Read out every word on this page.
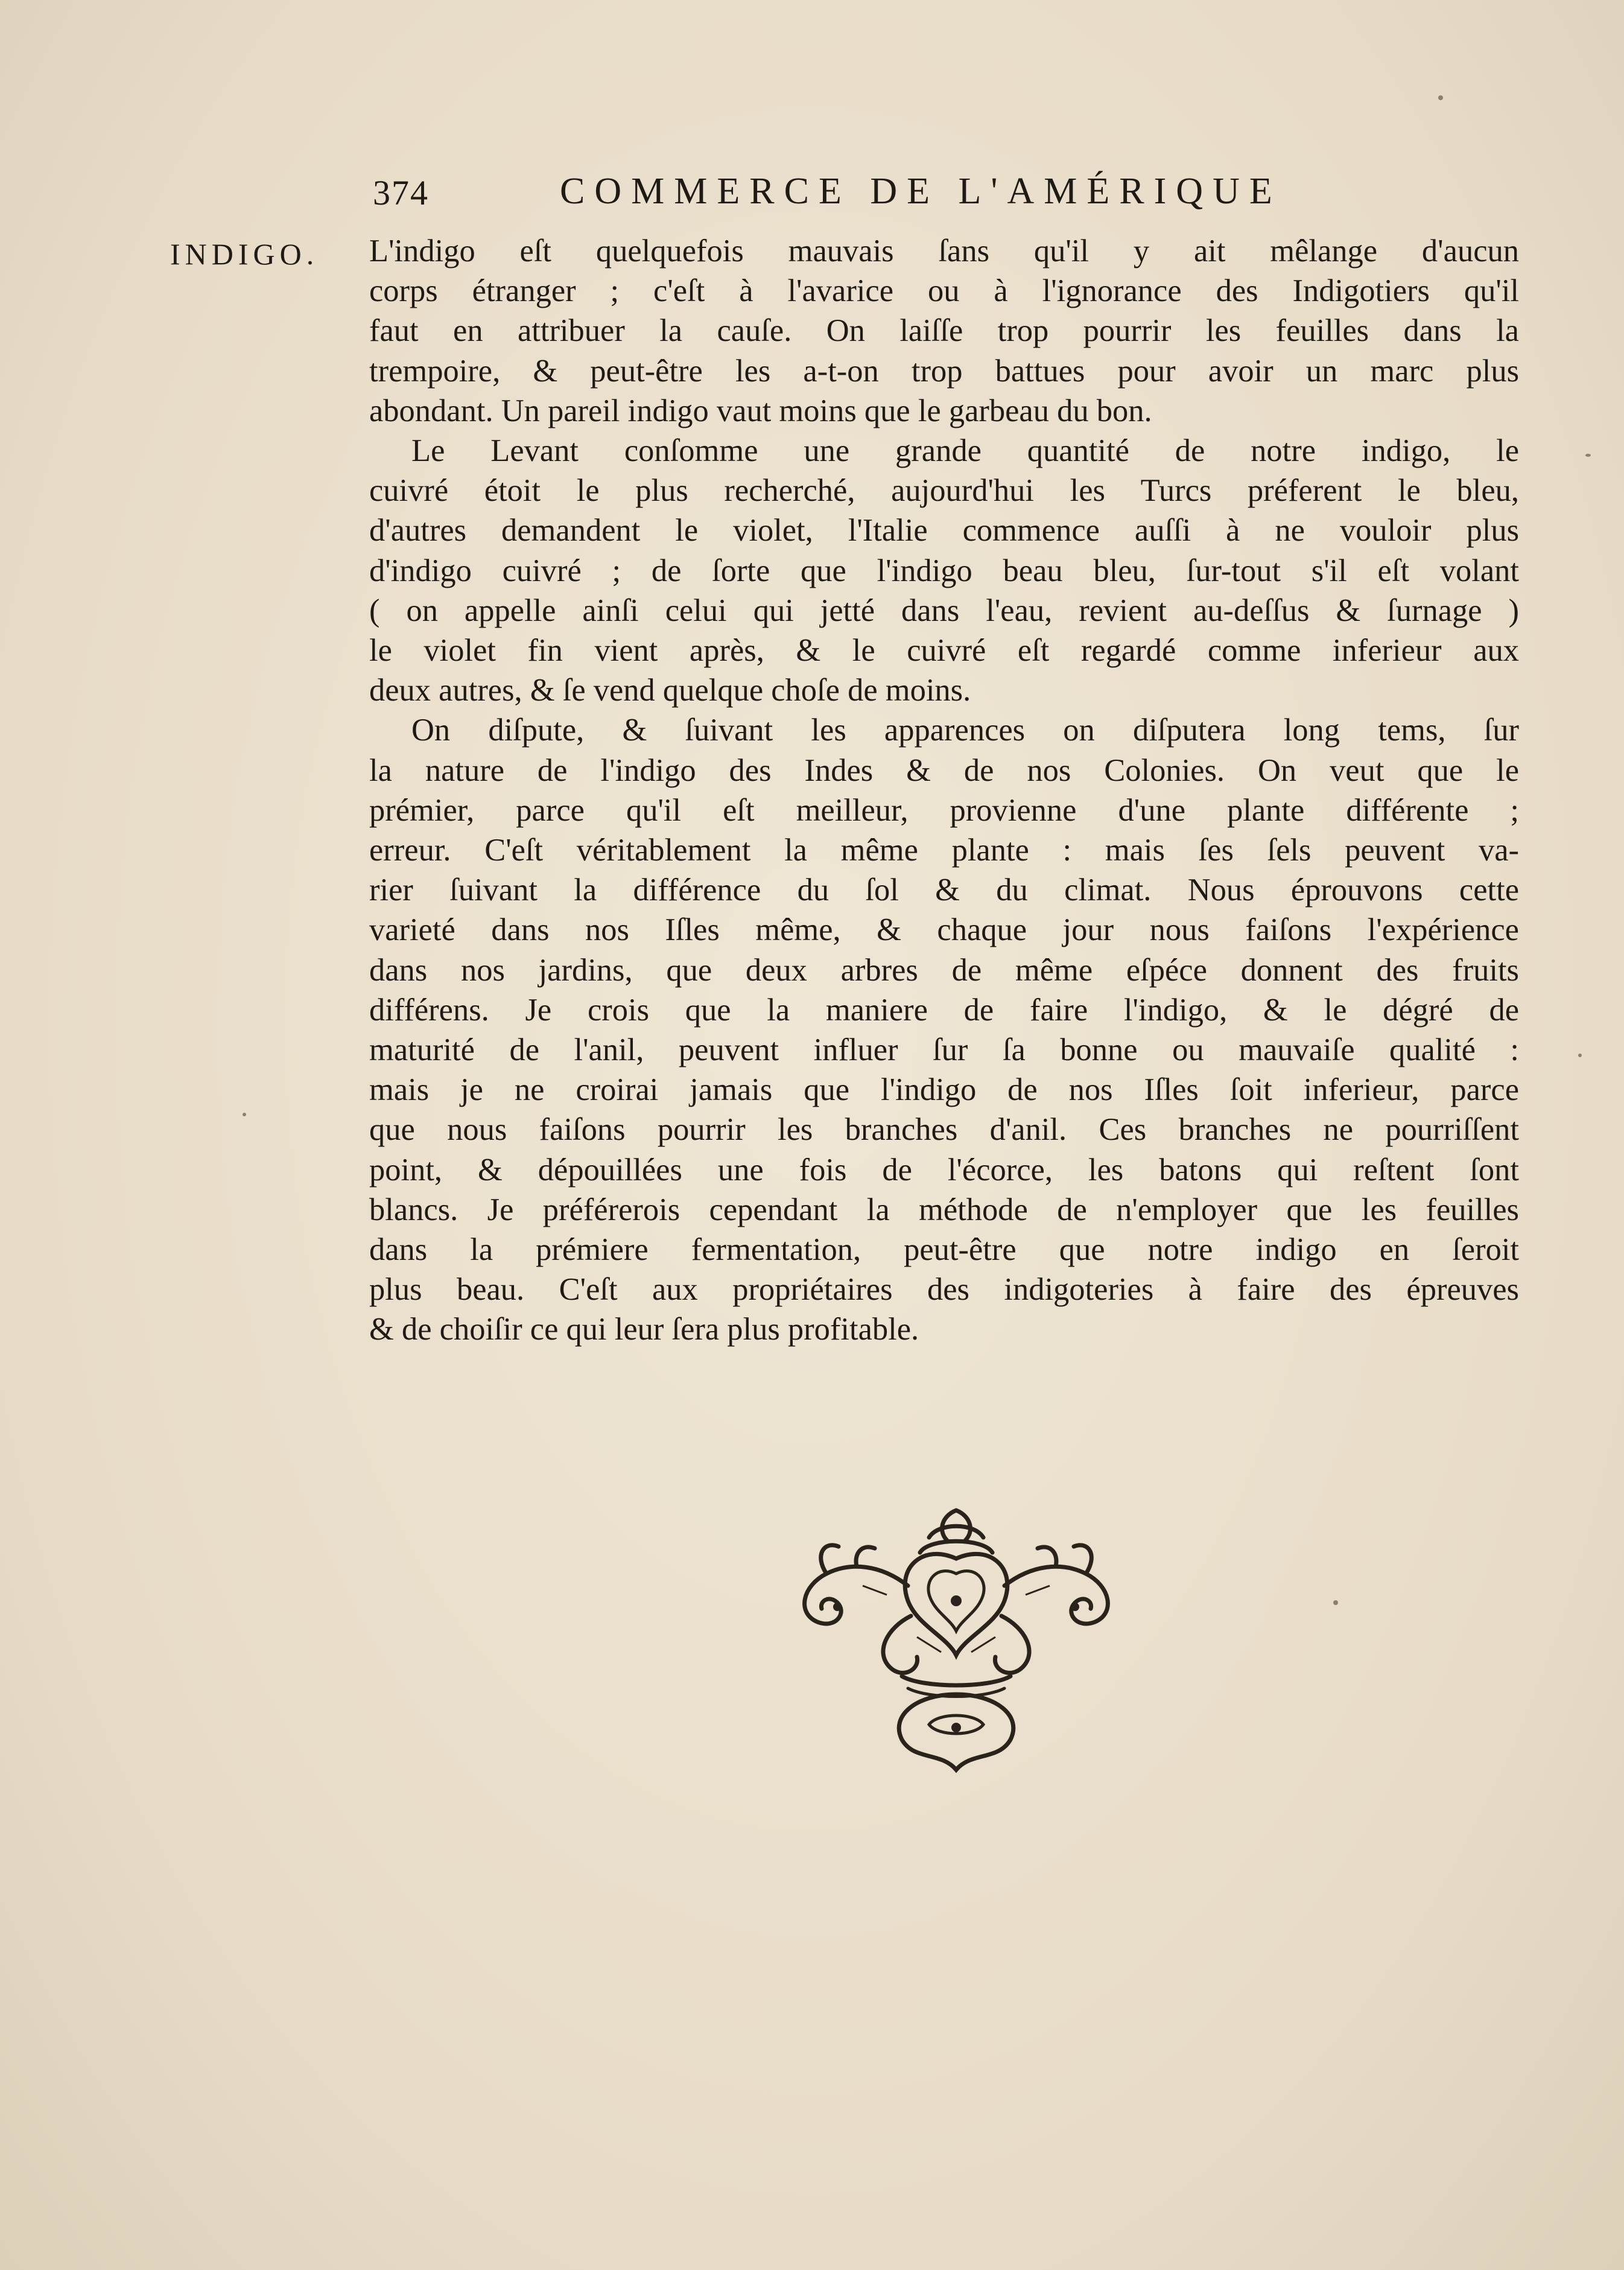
374	COMMERCE DE L'AMÉRIQUE
INDIGO. L'indigo eſt quelquefois mauvais ſans qu'il y ait mêlange d'aucun
corps étranger ; c'eſt à l'avarice ou à l'ignorance des Indigotiers qu'il
faut en attribuer la cauſe. On laiſſe trop pourrir les feuilles dans la
trempoire, & peut-être les a-t-on trop battues pour avoir un marc plus
abondant. Un pareil indigo vaut moins que le garbeau du bon.
Le Levant conſomme une grande quantité de notre indigo, le
cuivré étoit le plus recherché, aujourd'hui les Turcs préferent le bleu,
d'autres demandent le violet, l'Italie commence auſſi à ne vouloir plus
d'indigo cuivré ; de ſorte que l'indigo beau bleu, ſur-tout s'il eſt volant
( on appelle ainſi celui qui jetté dans l'eau, revient au-deſſus & ſurnage )
le violet fin vient après, & le cuivré eſt regardé comme inferieur aux
deux autres, & ſe vend quelque choſe de moins.
On diſpute, & ſuivant les apparences on diſputera long tems, ſur
la nature de l'indigo des Indes & de nos Colonies. On veut que le
prémier, parce qu'il eſt meilleur, provienne d'une plante différente ;
erreur. C'eſt véritablement la même plante : mais ſes ſels peuvent va-
rier ſuivant la différence du ſol & du climat. Nous éprouvons cette
varieté dans nos Iſles même, & chaque jour nous faiſons l'expérience
dans nos jardins, que deux arbres de même eſpéce donnent des fruits
différens. Je crois que la maniere de faire l'indigo, & le dégré de
maturité de l'anil, peuvent influer ſur ſa bonne ou mauvaiſe qualité :
mais je ne croirai jamais que l'indigo de nos Iſles ſoit inferieur, parce
que nous faiſons pourrir les branches d'anil. Ces branches ne pourriſſent
point, & dépouillées une fois de l'écorce, les batons qui reſtent ſont
blancs. Je préférerois cependant la méthode de n'employer que les feuilles
dans la prémiere fermentation, peut-être que notre indigo en ſeroit
plus beau. C'eſt aux propriétaires des indigoteries à faire des épreuves
& de choiſir ce qui leur ſera plus profitable.
